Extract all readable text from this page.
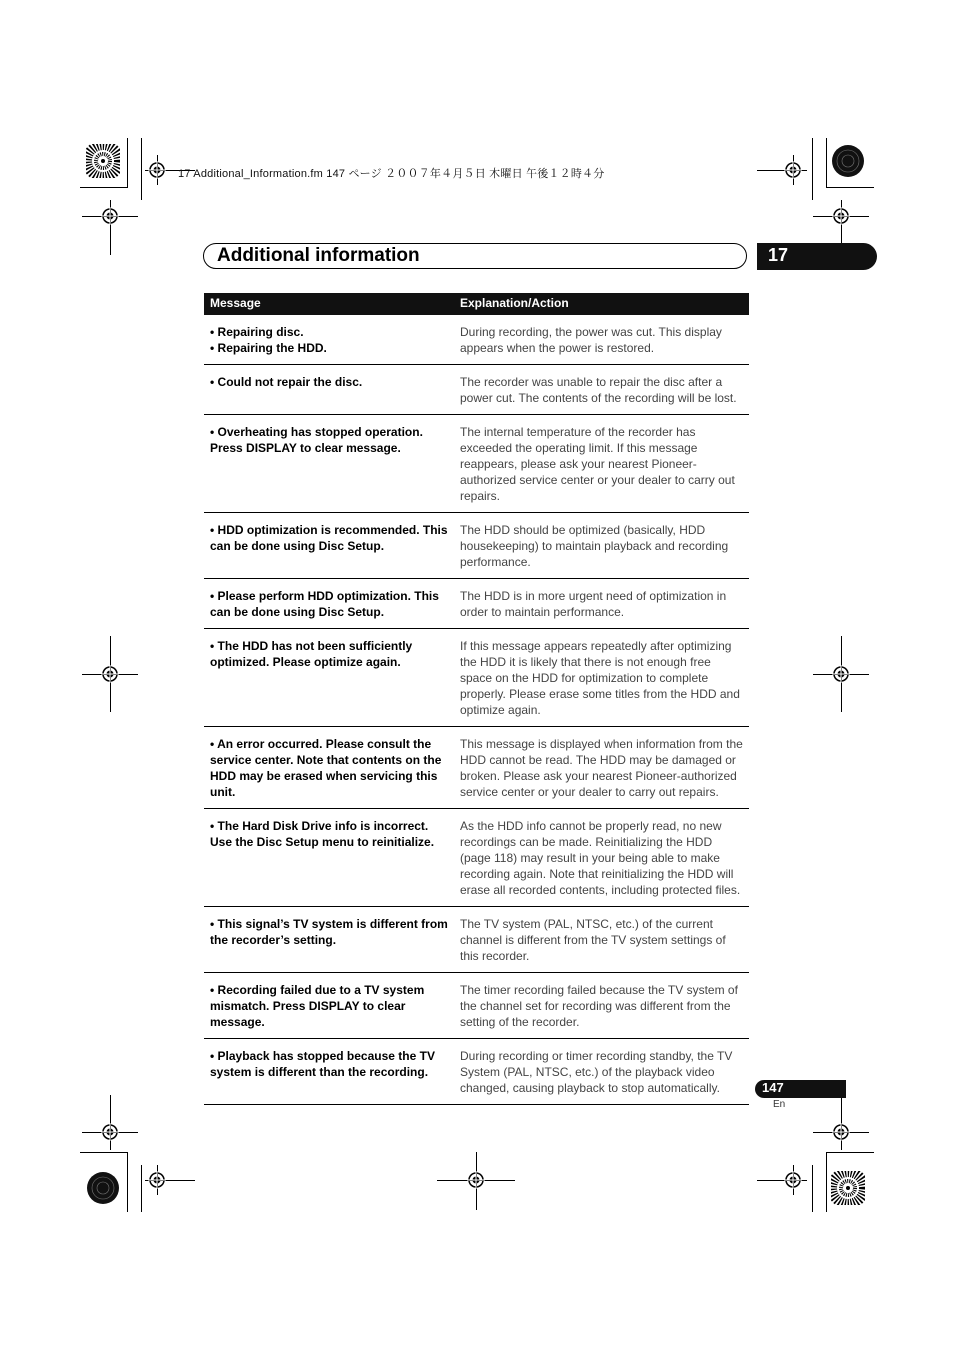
17 Additional_Information.fm 147 ページ ２００７年４月５日 木曜日 午後１２時４分
Additional information	17
Message	Explanation/Action

• Repairing disc.
• Repairing the HDD.	During recording, the power was cut. This display appears when the power is restored.
• Could not repair the disc.	The recorder was unable to repair the disc after a power cut. The contents of the recording will be lost.
• Overheating has stopped operation. Press DISPLAY to clear message.	The internal temperature of the recorder has exceeded the operating limit. If this message reappears, please ask your nearest Pioneer-authorized service center or your dealer to carry out repairs.
• HDD optimization is recommended. This can be done using Disc Setup.	The HDD should be optimized (basically, HDD housekeeping) to maintain playback and recording performance.
• Please perform HDD optimization. This can be done using Disc Setup.	The HDD is in more urgent need of optimization in order to maintain performance.
• The HDD has not been sufficiently optimized. Please optimize again.	If this message appears repeatedly after optimizing the HDD it is likely that there is not enough free space on the HDD for optimization to complete properly. Please erase some titles from the HDD and optimize again.
• An error occurred. Please consult the service center. Note that contents on the HDD may be erased when servicing this unit.	This message is displayed when information from the HDD cannot be read. The HDD may be damaged or broken. Please ask your nearest Pioneer-authorized service center or your dealer to carry out repairs.
• The Hard Disk Drive info is incorrect. Use the Disc Setup menu to reinitialize.	As the HDD info cannot be properly read, no new recordings can be made. Reinitializing the HDD (page 118) may result in your being able to make recording again. Note that reinitializing the HDD will erase all recorded contents, including protected files.
• This signal’s TV system is different from the recorder’s setting.	The TV system (PAL, NTSC, etc.) of the current channel is different from the TV system settings of this recorder.
• Recording failed due to a TV system mismatch. Press DISPLAY to clear message.	The timer recording failed because the TV system of the channel set for recording was different from the setting of the recorder.
• Playback has stopped because the TV system is different than the recording.	During recording or timer recording standby, the TV System (PAL, NTSC, etc.) of the playback video changed, causing playback to stop automatically.	147
En
